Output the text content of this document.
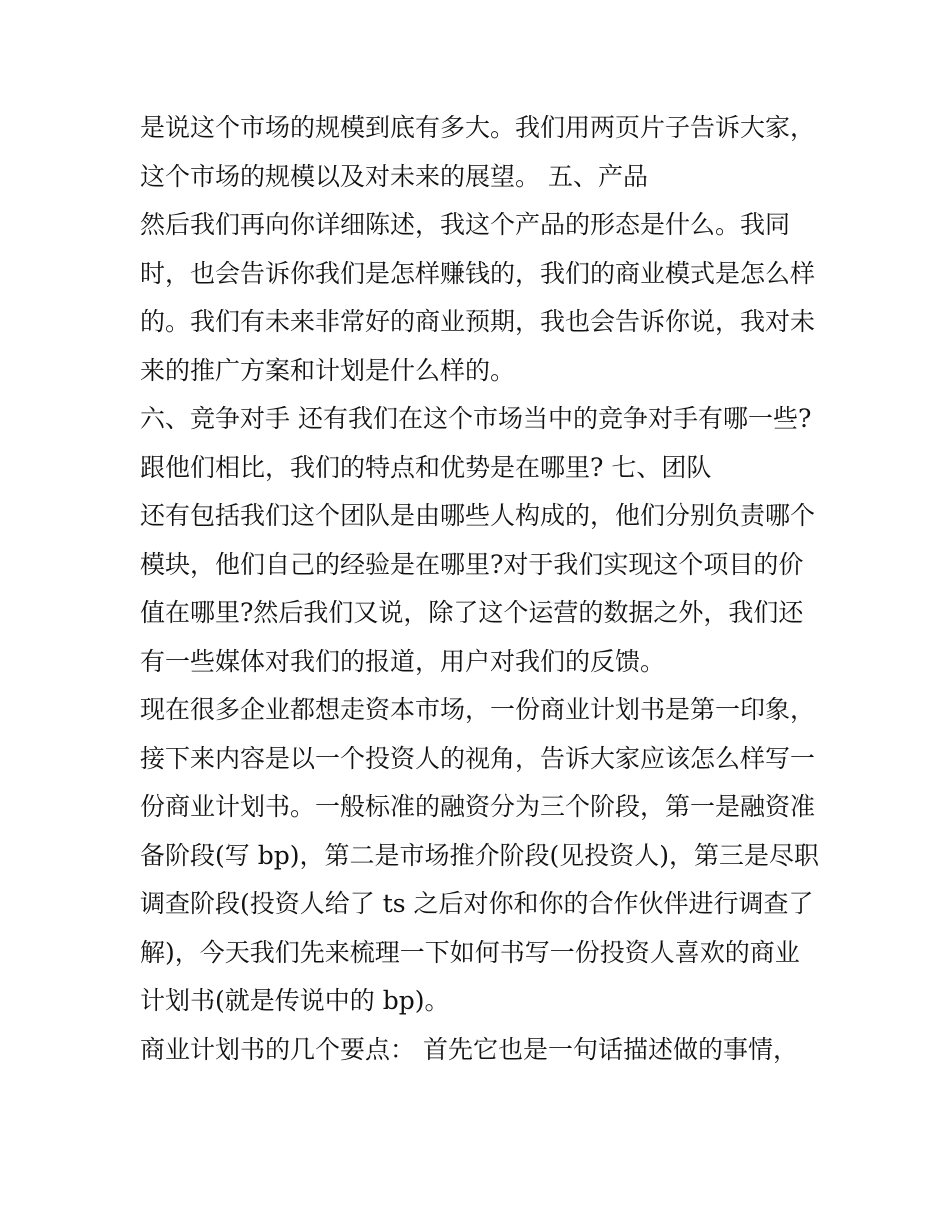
是说这个市场的规模到底有多大。我们用两页片子告诉大家，
这个市场的规模以及对未来的展望。 五、产品
然后我们再向你详细陈述，我这个产品的形态是什么。我同
时，也会告诉你我们是怎样赚钱的，我们的商业模式是怎么样
的。我们有未来非常好的商业预期，我也会告诉你说，我对未
来的推广方案和计划是什么样的。
六、竞争对手 还有我们在这个市场当中的竞争对手有哪一些?
跟他们相比，我们的特点和优势是在哪里? 七、团队
还有包括我们这个团队是由哪些人构成的，他们分别负责哪个
模块，他们自己的经验是在哪里?对于我们实现这个项目的价
值在哪里?然后我们又说，除了这个运营的数据之外，我们还
有一些媒体对我们的报道，用户对我们的反馈。
现在很多企业都想走资本市场，一份商业计划书是第一印象，
接下来内容是以一个投资人的视角，告诉大家应该怎么样写一
份商业计划书。一般标准的融资分为三个阶段，第一是融资准
备阶段(写 bp)，第二是市场推介阶段(见投资人)，第三是尽职
调查阶段(投资人给了 ts 之后对你和你的合作伙伴进行调查了
解)，今天我们先来梳理一下如何书写一份投资人喜欢的商业
计划书(就是传说中的 bp)。
商业计划书的几个要点： 首先它也是一句话描述做的事情，
